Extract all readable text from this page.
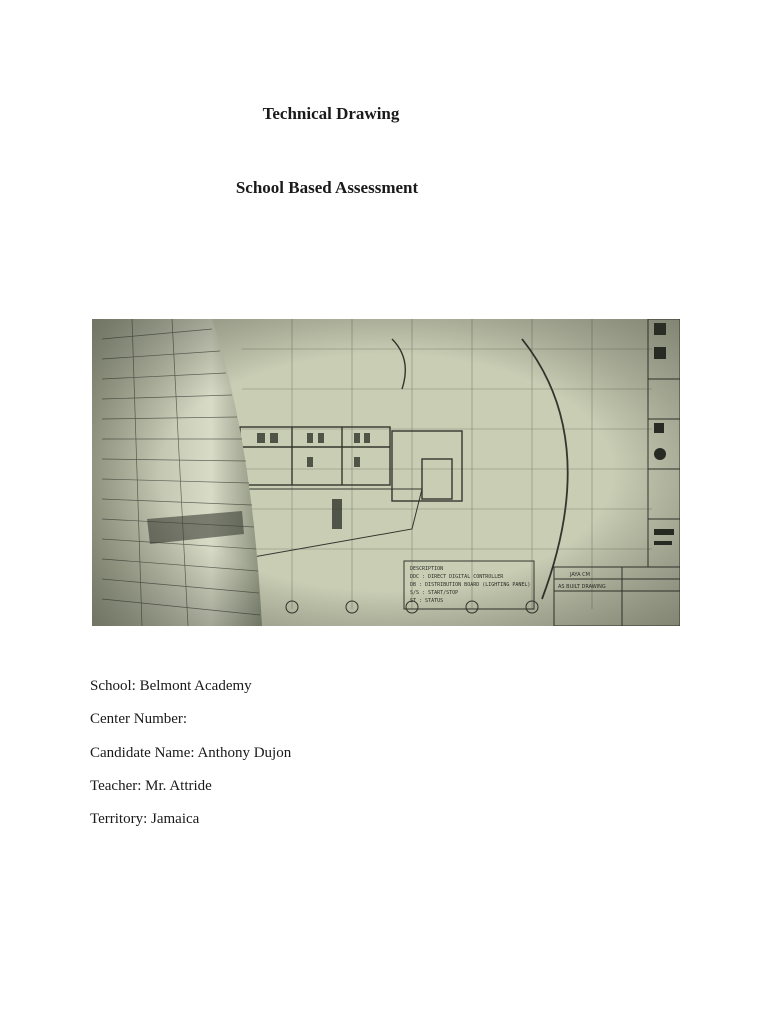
Technical Drawing
School Based Assessment
School: Belmont Academy
Center Number:
Candidate Name: Anthony Dujon
Teacher: Mr. Attride
Territory: Jamaica
